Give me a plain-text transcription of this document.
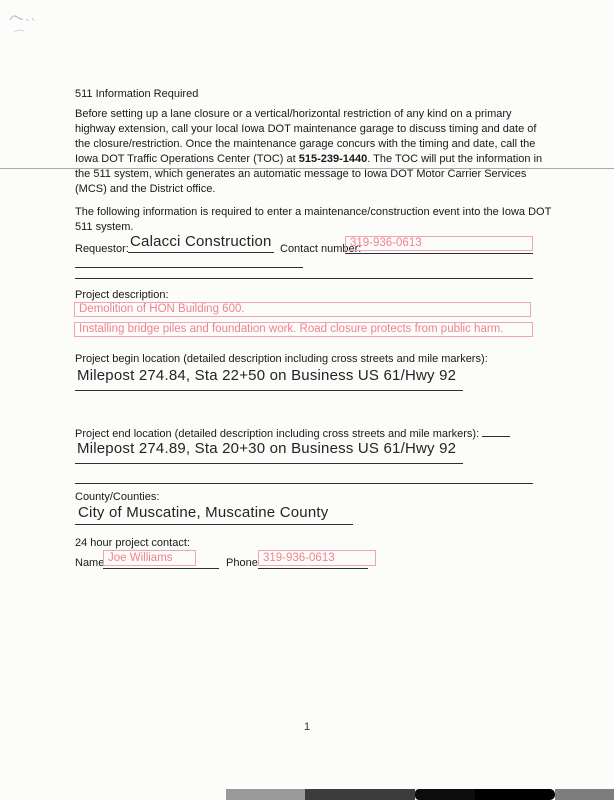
511 Information Required
Before setting up a lane closure or a vertical/horizontal restriction of any kind on a primary highway extension, call your local Iowa DOT maintenance garage to discuss timing and date of the closure/restriction. Once the maintenance garage concurs with the timing and date, call the Iowa DOT Traffic Operations Center (TOC) at 515-239-1440. The TOC will put the information in the 511 system, which generates an automatic message to Iowa DOT Motor Carrier Services (MCS) and the District office.
The following information is required to enter a maintenance/construction event into the Iowa DOT 511 system.
Requestor: Calacci Construction Contact number:
319-936-0613
Project description:
Demolition of HON Building 600.
Installing bridge piles and foundation work. Road closure protects from public harm.
Project begin location (detailed description including cross streets and mile markers):
Milepost 274.84, Sta 22+50 on Business US 61/Hwy 92
Project end location (detailed description including cross streets and mile markers):
Milepost 274.89, Sta 20+30 on Business US 61/Hwy 92
County/Counties:
City of Muscatine, Muscatine County
24 hour project contact:
Name Joe Williams	Phone 319-936-0613
1
